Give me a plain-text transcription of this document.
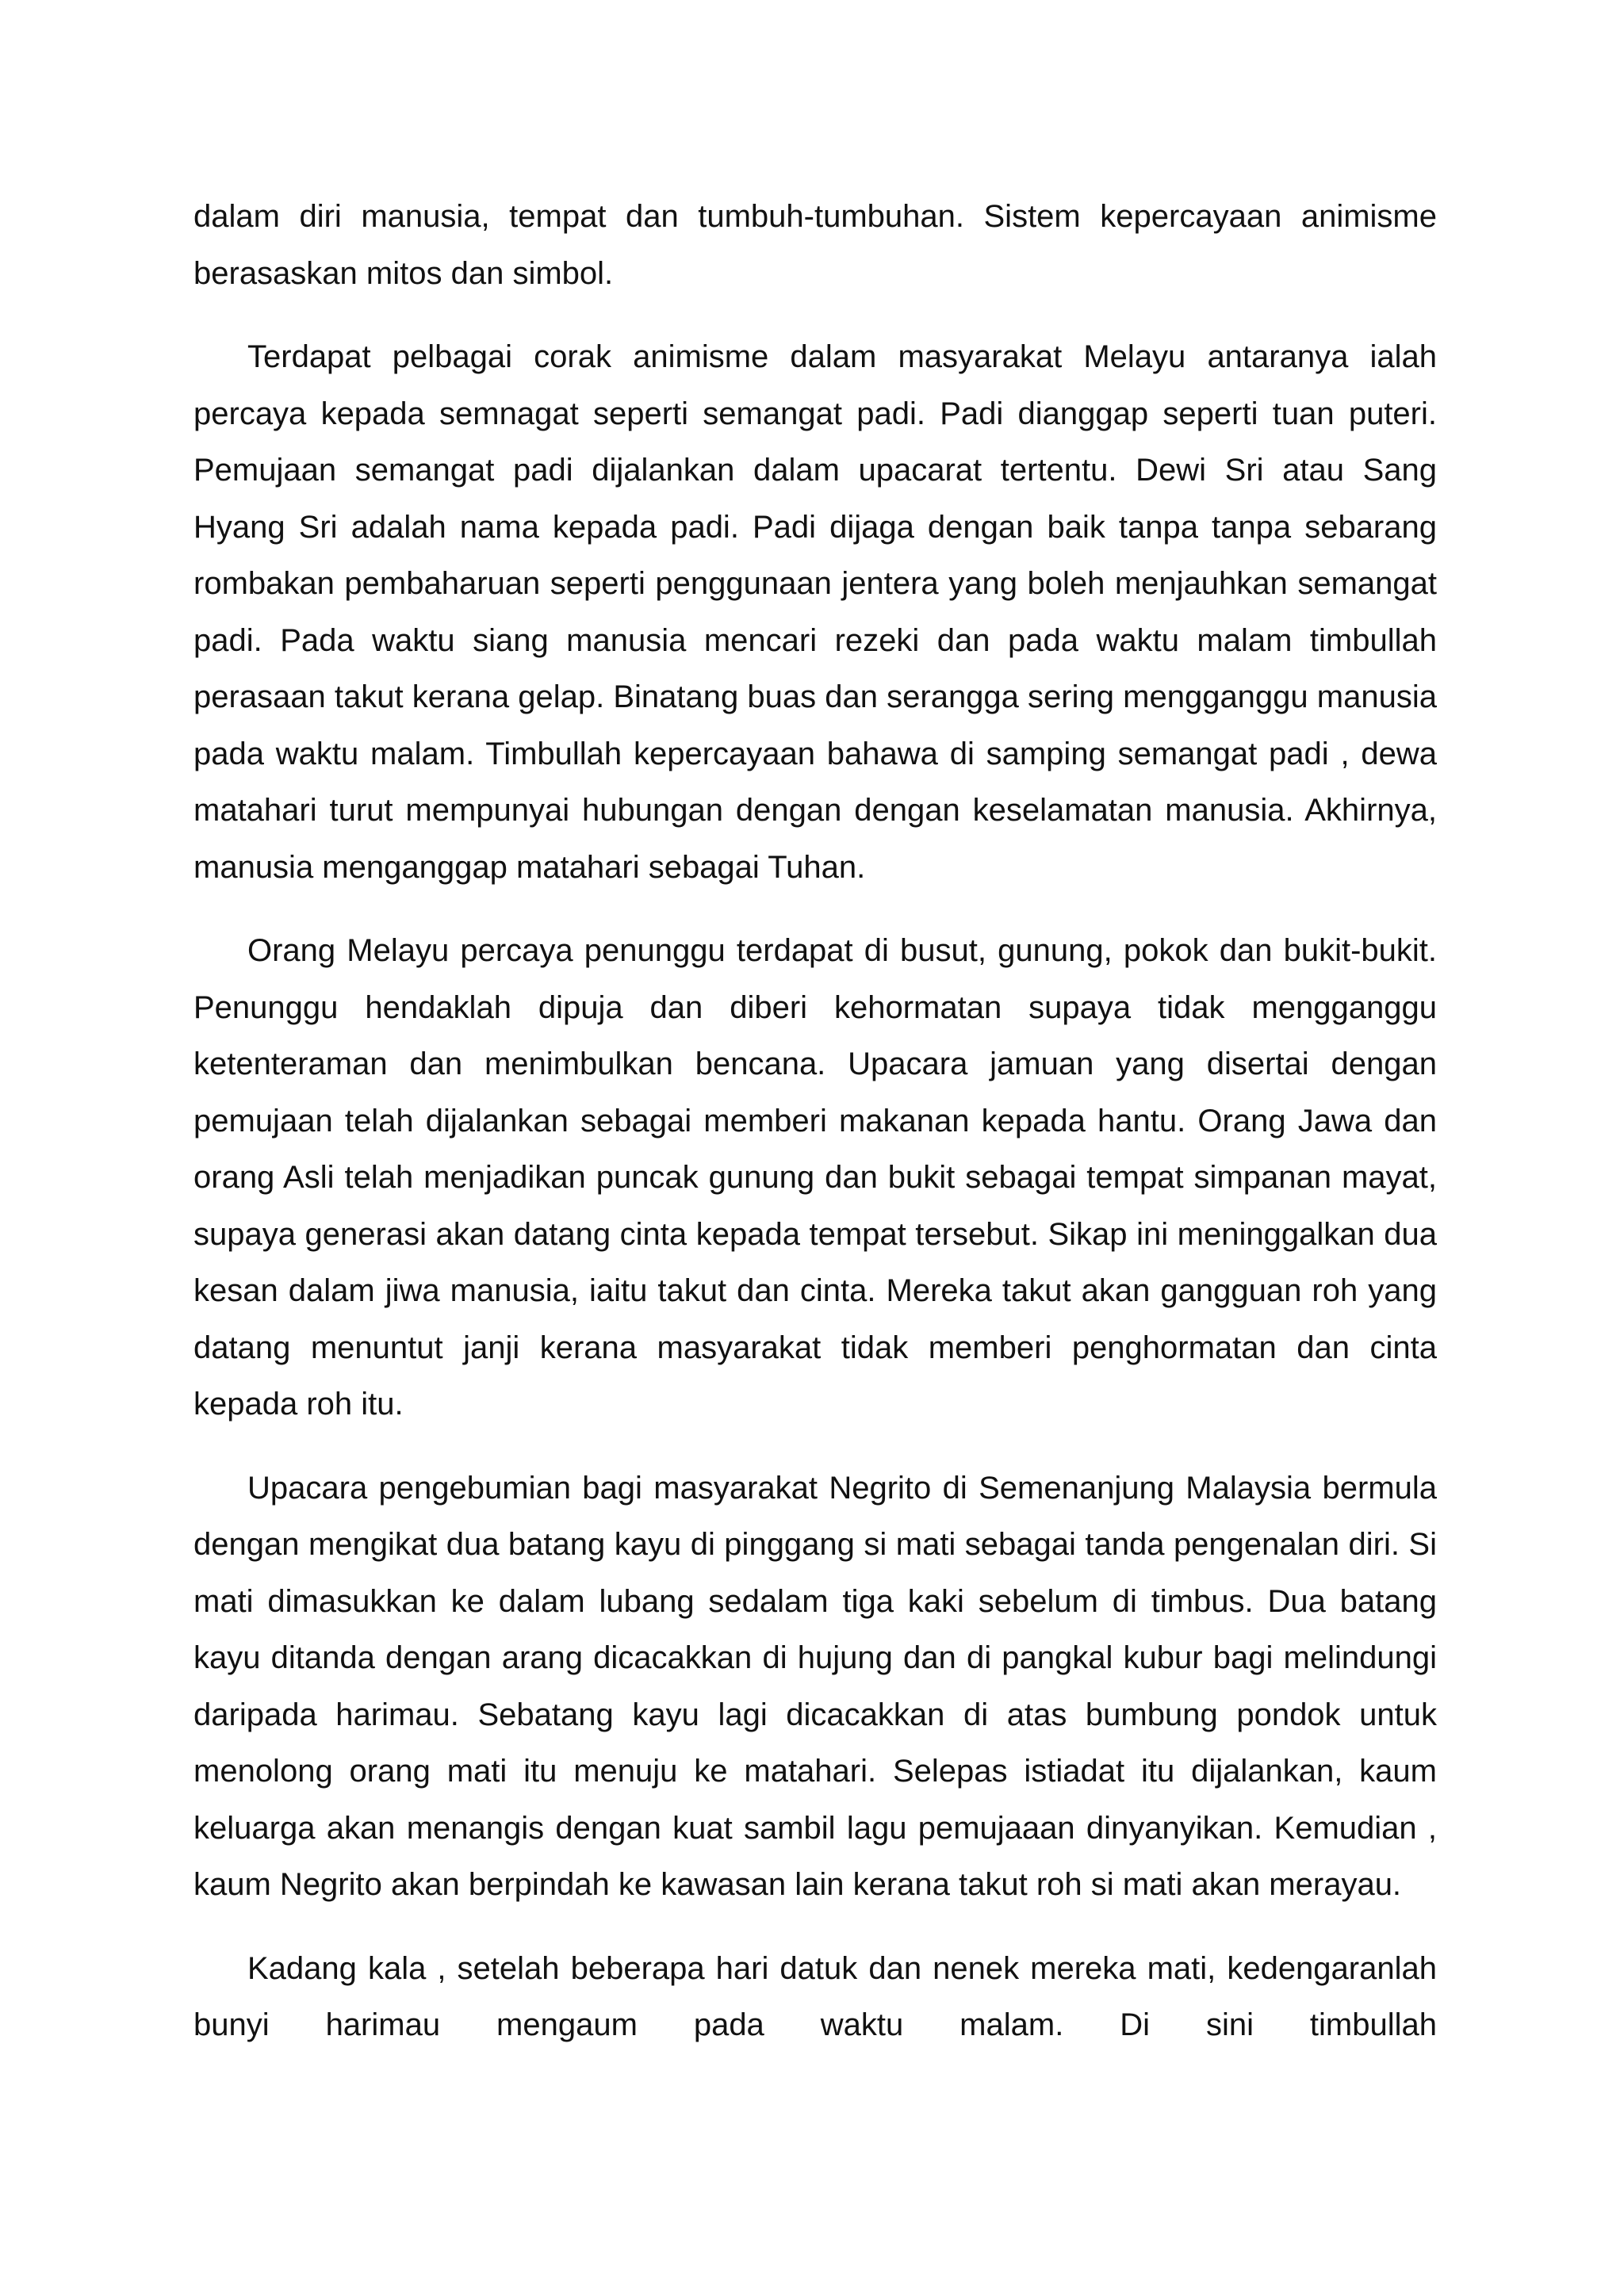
dalam diri manusia, tempat dan tumbuh-tumbuhan. Sistem kepercayaan animisme berasaskan mitos dan simbol.

Terdapat pelbagai corak animisme dalam masyarakat Melayu antaranya ialah percaya kepada semnagat seperti semangat padi. Padi dianggap seperti tuan puteri. Pemujaan semangat padi dijalankan dalam upacarat tertentu. Dewi Sri atau Sang Hyang Sri adalah nama kepada padi. Padi dijaga dengan baik tanpa tanpa sebarang rombakan pembaharuan seperti penggunaan jentera yang boleh menjauhkan semangat padi. Pada waktu siang manusia mencari rezeki dan pada waktu malam timbullah perasaan takut kerana gelap. Binatang buas dan serangga sering mengganggu manusia pada waktu malam. Timbullah kepercayaan bahawa di samping semangat padi , dewa matahari turut mempunyai hubungan dengan dengan keselamatan manusia. Akhirnya, manusia menganggap matahari sebagai Tuhan.

Orang Melayu percaya penunggu terdapat di busut, gunung, pokok dan bukit-bukit. Penunggu hendaklah dipuja dan diberi kehormatan supaya tidak mengganggu ketenteraman dan menimbulkan bencana. Upacara jamuan yang disertai dengan pemujaan telah dijalankan sebagai memberi makanan kepada hantu. Orang Jawa dan orang Asli telah menjadikan puncak gunung dan bukit sebagai tempat simpanan mayat, supaya generasi akan datang cinta kepada tempat tersebut. Sikap ini meninggalkan dua kesan dalam jiwa manusia, iaitu takut dan cinta. Mereka takut akan gangguan roh yang datang menuntut janji kerana masyarakat tidak memberi penghormatan dan cinta kepada roh itu.

Upacara pengebumian bagi masyarakat Negrito di Semenanjung Malaysia bermula dengan mengikat dua batang kayu di pinggang si mati sebagai tanda pengenalan diri. Si mati dimasukkan ke dalam lubang sedalam tiga kaki sebelum di timbus. Dua batang kayu ditanda dengan arang dicacakkan di hujung dan di pangkal kubur bagi melindungi daripada harimau. Sebatang kayu lagi dicacakkan di atas bumbung pondok untuk menolong orang mati itu menuju ke matahari. Selepas istiadat itu dijalankan, kaum keluarga akan menangis dengan kuat sambil lagu pemujaaan dinyanyikan. Kemudian , kaum Negrito akan berpindah ke kawasan lain kerana takut roh si mati akan merayau.

Kadang kala , setelah beberapa hari datuk dan nenek mereka mati, kedengaranlah bunyi harimau mengaum pada waktu malam. Di sini timbullah
